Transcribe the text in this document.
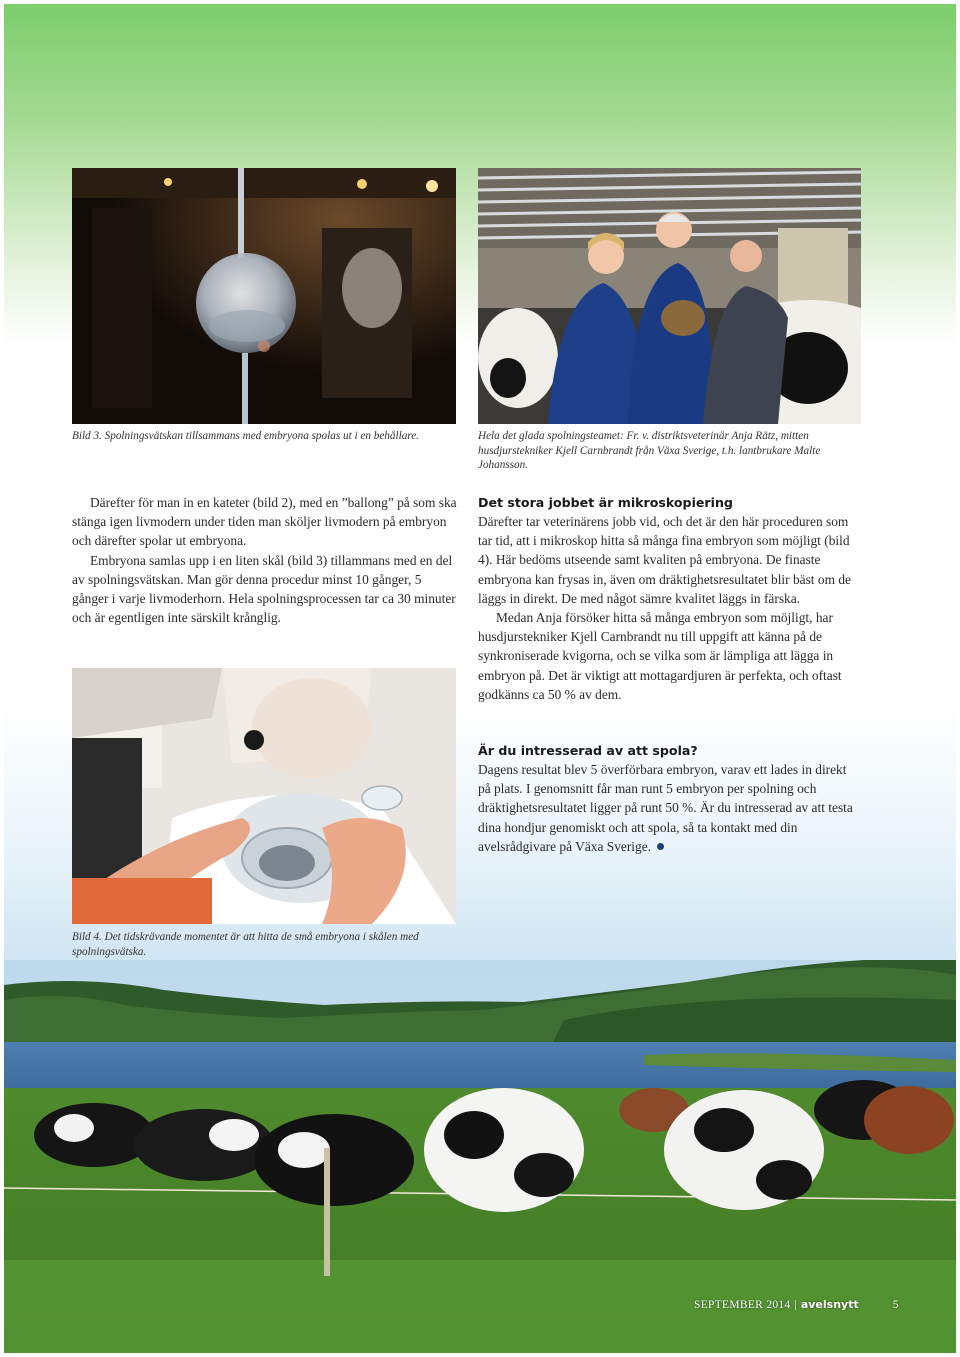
Bild 3. Spolningsvätskan tillsammans med embryona spolas ut i en behållare.	Hela det glada spolningsteamet: Fr. v. distriktsveterinär Anja Rätz, mitten husdjurstekniker Kjell Carnbrandt från Växa Sverige, t.h. lantbrukare Malte Johansson.

Därefter för man in en kateter (bild 2), med en ”ballong” på som ska stänga igen livmodern under tiden man sköljer livmodern på embryon och därefter spolar ut embryona.

Embryona samlas upp i en liten skål (bild 3) tillammans med en del av spolningsvätskan. Man gör denna procedur minst 10 gånger, 5 gånger i varje livmoderhorn. Hela spolningsprocessen tar ca 30 minuter och är egentligen inte särskilt krånglig.

Det stora jobbet är mikroskopiering

Därefter tar veterinärens jobb vid, och det är den här proceduren som tar tid, att i mikroskop hitta så många fina embryon som möjligt (bild 4). Här bedöms utseende samt kvaliten på embryona. De finaste embryona kan frysas in, även om dräktighetsresultatet blir bäst om de läggs in direkt. De med något sämre kvalitet läggs in färska.

Medan Anja försöker hitta så många embryon som möjligt, har husdjurstekniker Kjell Carnbrandt nu till uppgift att känna på de synkroniserade kvigorna, och se vilka som är lämpliga att lägga in embryon på. Det är viktigt att mottagardjuren är perfekta, och oftast godkänns ca 50 % av dem.

Är du intresserad av att spola?

Dagens resultat blev 5 överförbara embryon, varav ett lades in direkt på plats. I genomsnitt får man runt 5 embryon per spolning och dräktighetsresultatet ligger på runt 50 %. Är du intresserad av att testa dina hondjur genomiskt och att spola, så ta kontakt med din avelsrådgivare på Växa Sverige.

Bild 4. Det tidskrävande momentet är att hitta de små embryona i skålen med spolningsvätska.
SEPTEMBER 2014 | avelsnytt	5
